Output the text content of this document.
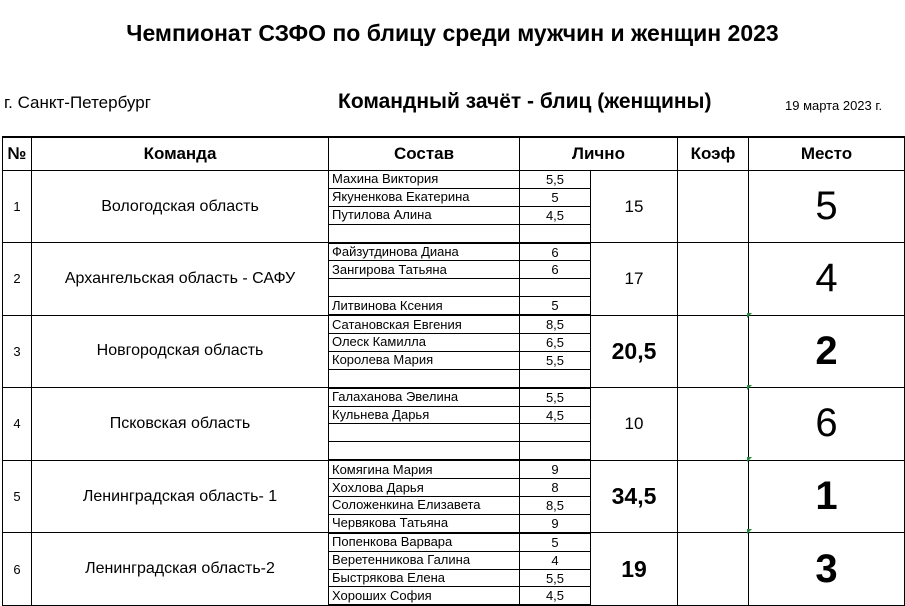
Чемпионат СЗФО по блицу среди мужчин и женщин 2023
г. Санкт-Петербург	Командный зачёт - блиц (женщины)	19 марта 2023 г.
№	Команда	Состав	Лично		Коэф	Место
1	Вологодская область	Махина Виктория	5,5	15		5
		Якуненкова Екатерина	5			
		Путилова Алина	4,5			

2	Архангельская область - САФУ	Файзутдинова Диана	6	17		4
		Зангирова Татьяна	6			

		Литвинова Ксения	5			
3	Новгородская область	Сатановская Евгения	8,5	20,5		2
		Олеск Камилла	6,5			
		Королева Мария	5,5			

4	Псковская область	Галаханова Эвелина	5,5	10		6
		Кульнева Дарья	4,5			

5	Ленинградская область- 1	Комягина Мария	9	34,5		1
		Хохлова Дарья	8			
		Соложенкина Елизавета	8,5			
		Червякова Татьяна	9			
6	Ленинградская область-2	Попенкова Варвара	5	19		3
		Веретенникова Галина	4			
		Быстрякова Елена	5,5			
		Хороших София	4,5			
